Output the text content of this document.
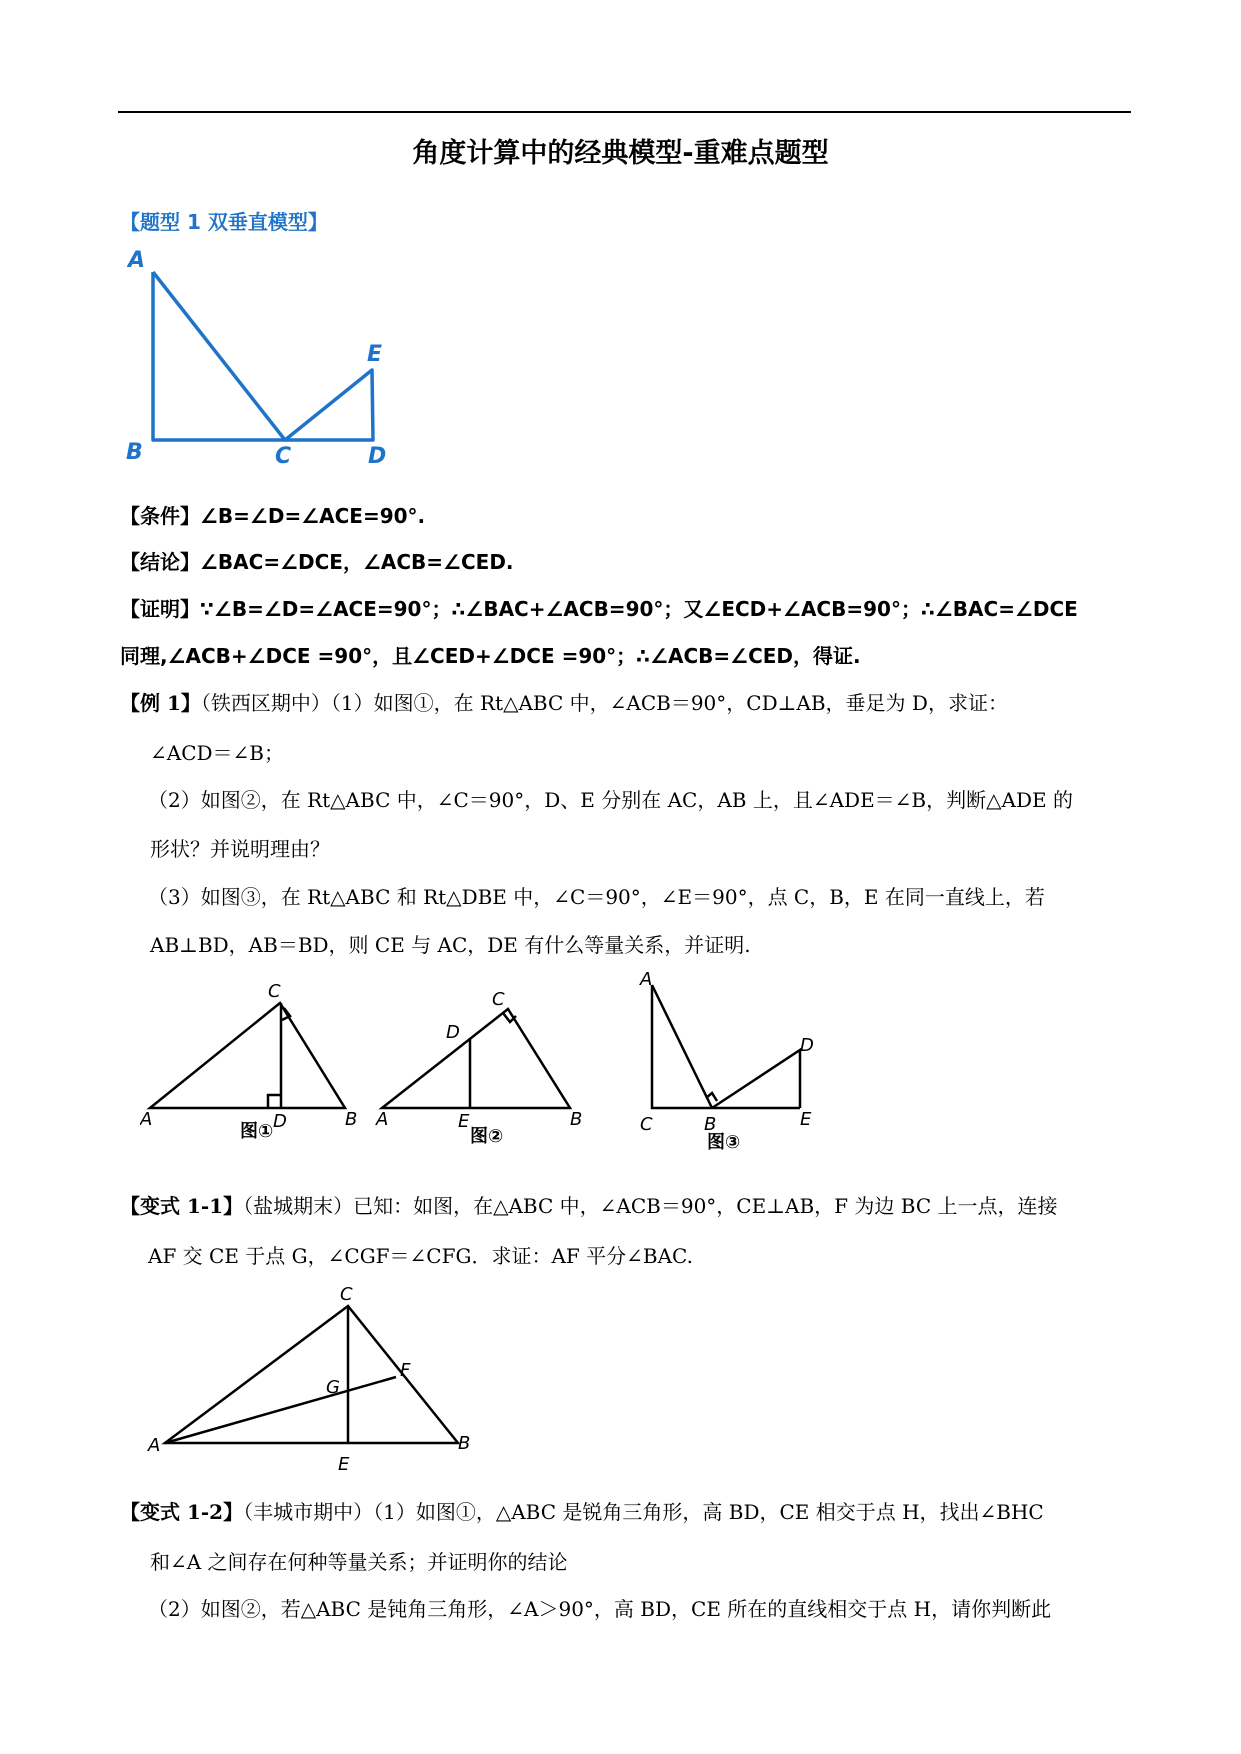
角度计算中的经典模型-重难点题型
【题型 1 双垂直模型】
A
B	C	D
E
【条件】∠B=∠D=∠ACE=90°.
【结论】∠BAC=∠DCE，∠ACB=∠CED.
【证明】∵∠B=∠D=∠ACE=90°；∴∠BAC+∠ACB=90°；又∠ECD+∠ACB=90°；∴∠BAC=∠DCE
同理,∠ACB+∠DCE =90°，且∠CED+∠DCE =90°；∴∠ACB=∠CED，得证.
【例 1】（铁西区期中）（1）如图①，在 Rt△ABC 中，∠ACB＝90°，CD⊥AB，垂足为 D，求证：
∠ACD＝∠B；
（2）如图②，在 Rt△ABC 中，∠C＝90°，D、E 分别在 AC，AB 上，且∠ADE＝∠B，判断△ADE 的
形状？并说明理由？
（3）如图③，在 Rt△ABC 和 Rt△DBE 中，∠C＝90°，∠E＝90°，点 C，B，E 在同一直线上，若
AB⊥BD，AB＝BD，则 CE 与 AC，DE 有什么等量关系，并证明.
C
A	D	B
C
D
A	E	B
A
D
C	B	E
图①	图②	图③
【变式 1-1】（盐城期末）已知：如图，在△ABC 中，∠ACB＝90°，CE⊥AB，F 为边 BC 上一点，连接
AF 交 CE 于点 G，∠CGF＝∠CFG．求证：AF 平分∠BAC.
C
A	B
G
F
E
【变式 1-2】（丰城市期中）（1）如图①，△ABC 是锐角三角形，高 BD，CE 相交于点 H，找出∠BHC
和∠A 之间存在何种等量关系；并证明你的结论
（2）如图②，若△ABC 是钝角三角形，∠A＞90°，高 BD，CE 所在的直线相交于点 H，请你判断此
